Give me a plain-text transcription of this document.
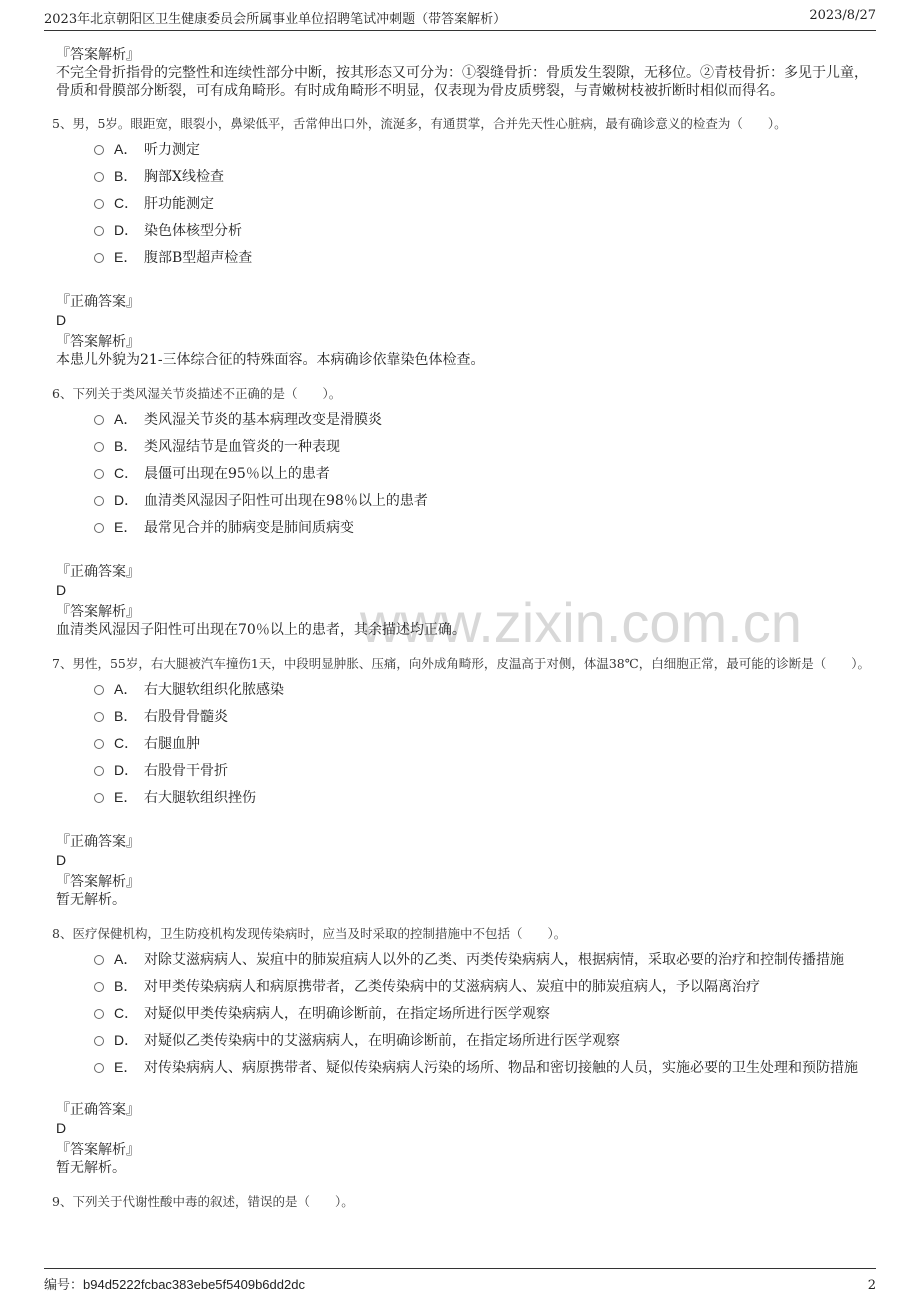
2023年北京朝阳区卫生健康委员会所属事业单位招聘笔试冲刺题（带答案解析）	2023/8/27
www.zixin.com.cn

『答案解析』

不完全骨折指骨的完整性和连续性部分中断，按其形态又可分为：①裂缝骨折：骨质发生裂隙，无移位。②青枝骨折：多见于儿童，骨质和骨膜部分断裂，可有成角畸形。有时成角畸形不明显，仅表现为骨皮质劈裂，与青嫩树枝被折断时相似而得名。

5、男，5岁。眼距宽，眼裂小，鼻梁低平，舌常伸出口外，流涎多，有通贯掌，合并先天性心脏病，最有确诊意义的检查为（　　）。

A． 听力测定
B． 胸部X线检查
C． 肝功能测定
D． 染色体核型分析
E． 腹部B型超声检查

『正确答案』

D

『答案解析』

本患儿外貌为21-三体综合征的特殊面容。本病确诊依靠染色体检查。

6、下列关于类风湿关节炎描述不正确的是（　　）。

A． 类风湿关节炎的基本病理改变是滑膜炎
B． 类风湿结节是血管炎的一种表现
C． 晨僵可出现在95％以上的患者
D． 血清类风湿因子阳性可出现在98％以上的患者
E． 最常见合并的肺病变是肺间质病变

『正确答案』

D

『答案解析』

血清类风湿因子阳性可出现在70％以上的患者，其余描述均正确。

7、男性，55岁，右大腿被汽车撞伤1天，中段明显肿胀、压痛，向外成角畸形，皮温高于对侧，体温38℃，白细胞正常，最可能的诊断是（　　）。

A． 右大腿软组织化脓感染
B． 右股骨骨髓炎
C． 右腿血肿
D． 右股骨干骨折
E． 右大腿软组织挫伤

『正确答案』

D

『答案解析』

暂无解析。

8、医疗保健机构，卫生防疫机构发现传染病时，应当及时采取的控制措施中不包括（　　）。

A． 对除艾滋病病人、炭疽中的肺炭疽病人以外的乙类、丙类传染病病人，根据病情，采取必要的治疗和控制传播措施
B． 对甲类传染病病人和病原携带者，乙类传染病中的艾滋病病人、炭疽中的肺炭疽病人，予以隔离治疗
C． 对疑似甲类传染病病人，在明确诊断前，在指定场所进行医学观察
D． 对疑似乙类传染病中的艾滋病病人，在明确诊断前，在指定场所进行医学观察
E． 对传染病病人、病原携带者、疑似传染病病人污染的场所、物品和密切接触的人员，实施必要的卫生处理和预防措施

『正确答案』

D

『答案解析』

暂无解析。

9、下列关于代谢性酸中毒的叙述，错误的是（　　）。

编号：b94d5222fcbac383ebe5f5409b6dd2dc	2
